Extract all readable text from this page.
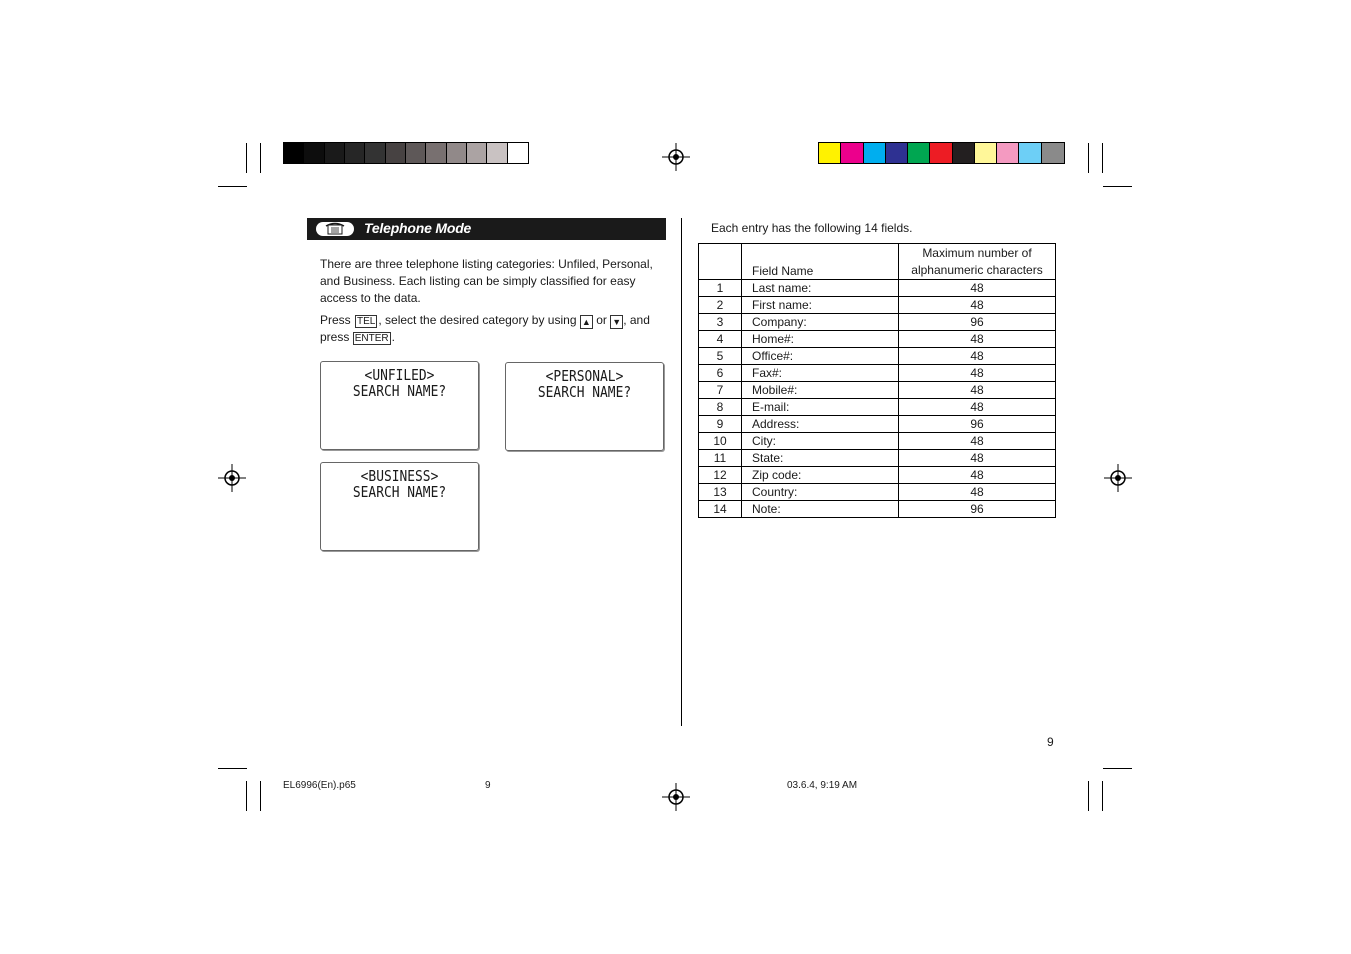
Telephone Mode
There are three telephone listing categories: Unfiled, Personal, and Business. Each listing can be simply classified for easy access to the data.
Press TEL , select the desired category by using ▲ or ▼ , and press ENTER .
<UNFILED>
SEARCH NAME?
<PERSONAL>
SEARCH NAME?
<BUSINESS>
SEARCH NAME?
Each entry has the following 14 fields.
	Field Name	Maximum number of
alphanumeric characters
1	Last name:	48
2	First name:	48
3	Company:	96
4	Home#:	48
5	Office#:	48
6	Fax#:	48
7	Mobile#:	48
8	E-mail:	48
9	Address:	96
10	City:	48
11	State:	48
12	Zip code:	48
13	Country:	48
14	Note:	96
9
EL6996(En).p65	9	03.6.4, 9:19 AM
